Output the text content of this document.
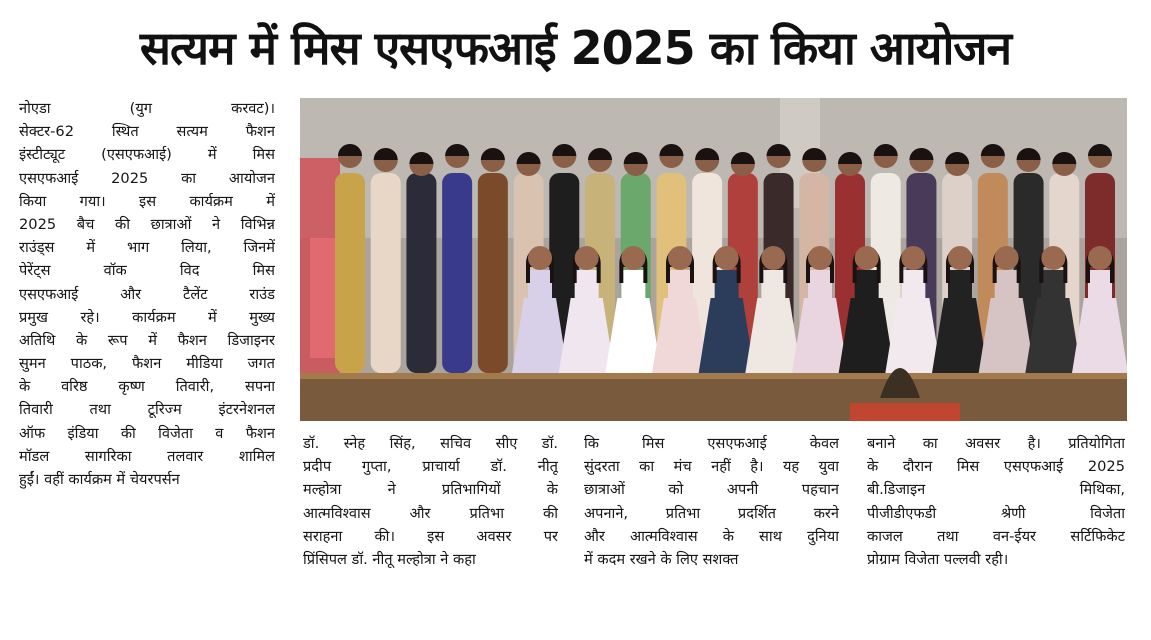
सत्यम में मिस एसएफआई 2025 का किया आयोजन
नोएडा (युग करवट)।
सेक्टर-62 स्थित सत्यम फैशन
इंस्टीट्यूट (एसएफआई) में मिस
एसएफआई 2025 का आयोजन
किया गया। इस कार्यक्रम में
2025 बैच की छात्राओं ने विभिन्न
राउंड्स में भाग लिया, जिनमें
पेरेंट्स वॉक विद मिस
एसएफआई और टैलेंट राउंड
प्रमुख रहे। कार्यक्रम में मुख्य
अतिथि के रूप में फैशन डिजाइनर
सुमन पाठक, फैशन मीडिया जगत
के वरिष्ठ कृष्ण तिवारी, सपना
तिवारी तथा टूरिज्म इंटरनेशनल
ऑफ इंडिया की विजेता व फैशन
मॉडल सागरिका तलवार शामिल
हुईं। वहीं कार्यक्रम में चेयरपर्सन
डॉ. स्नेह सिंह, सचिव सीए डॉ.
प्रदीप गुप्ता, प्राचार्या डॉ. नीतू
मल्होत्रा ने प्रतिभागियों के
आत्मविश्वास और प्रतिभा की
सराहना की। इस अवसर पर
प्रिंसिपल डॉ. नीतू मल्होत्रा ने कहा
कि मिस एसएफआई केवल
सुंदरता का मंच नहीं है। यह युवा
छात्राओं को अपनी पहचान
अपनाने, प्रतिभा प्रदर्शित करने
और आत्मविश्वास के साथ दुनिया
में कदम रखने के लिए सशक्त
बनाने का अवसर है। प्रतियोगिता
के दौरान मिस एसएफआई 2025
बी.डिजाइन मिथिका,
पीजीडीएफडी श्रेणी विजेता
काजल तथा वन-ईयर सर्टिफिकेट
प्रोग्राम विजेता पल्लवी रही।
